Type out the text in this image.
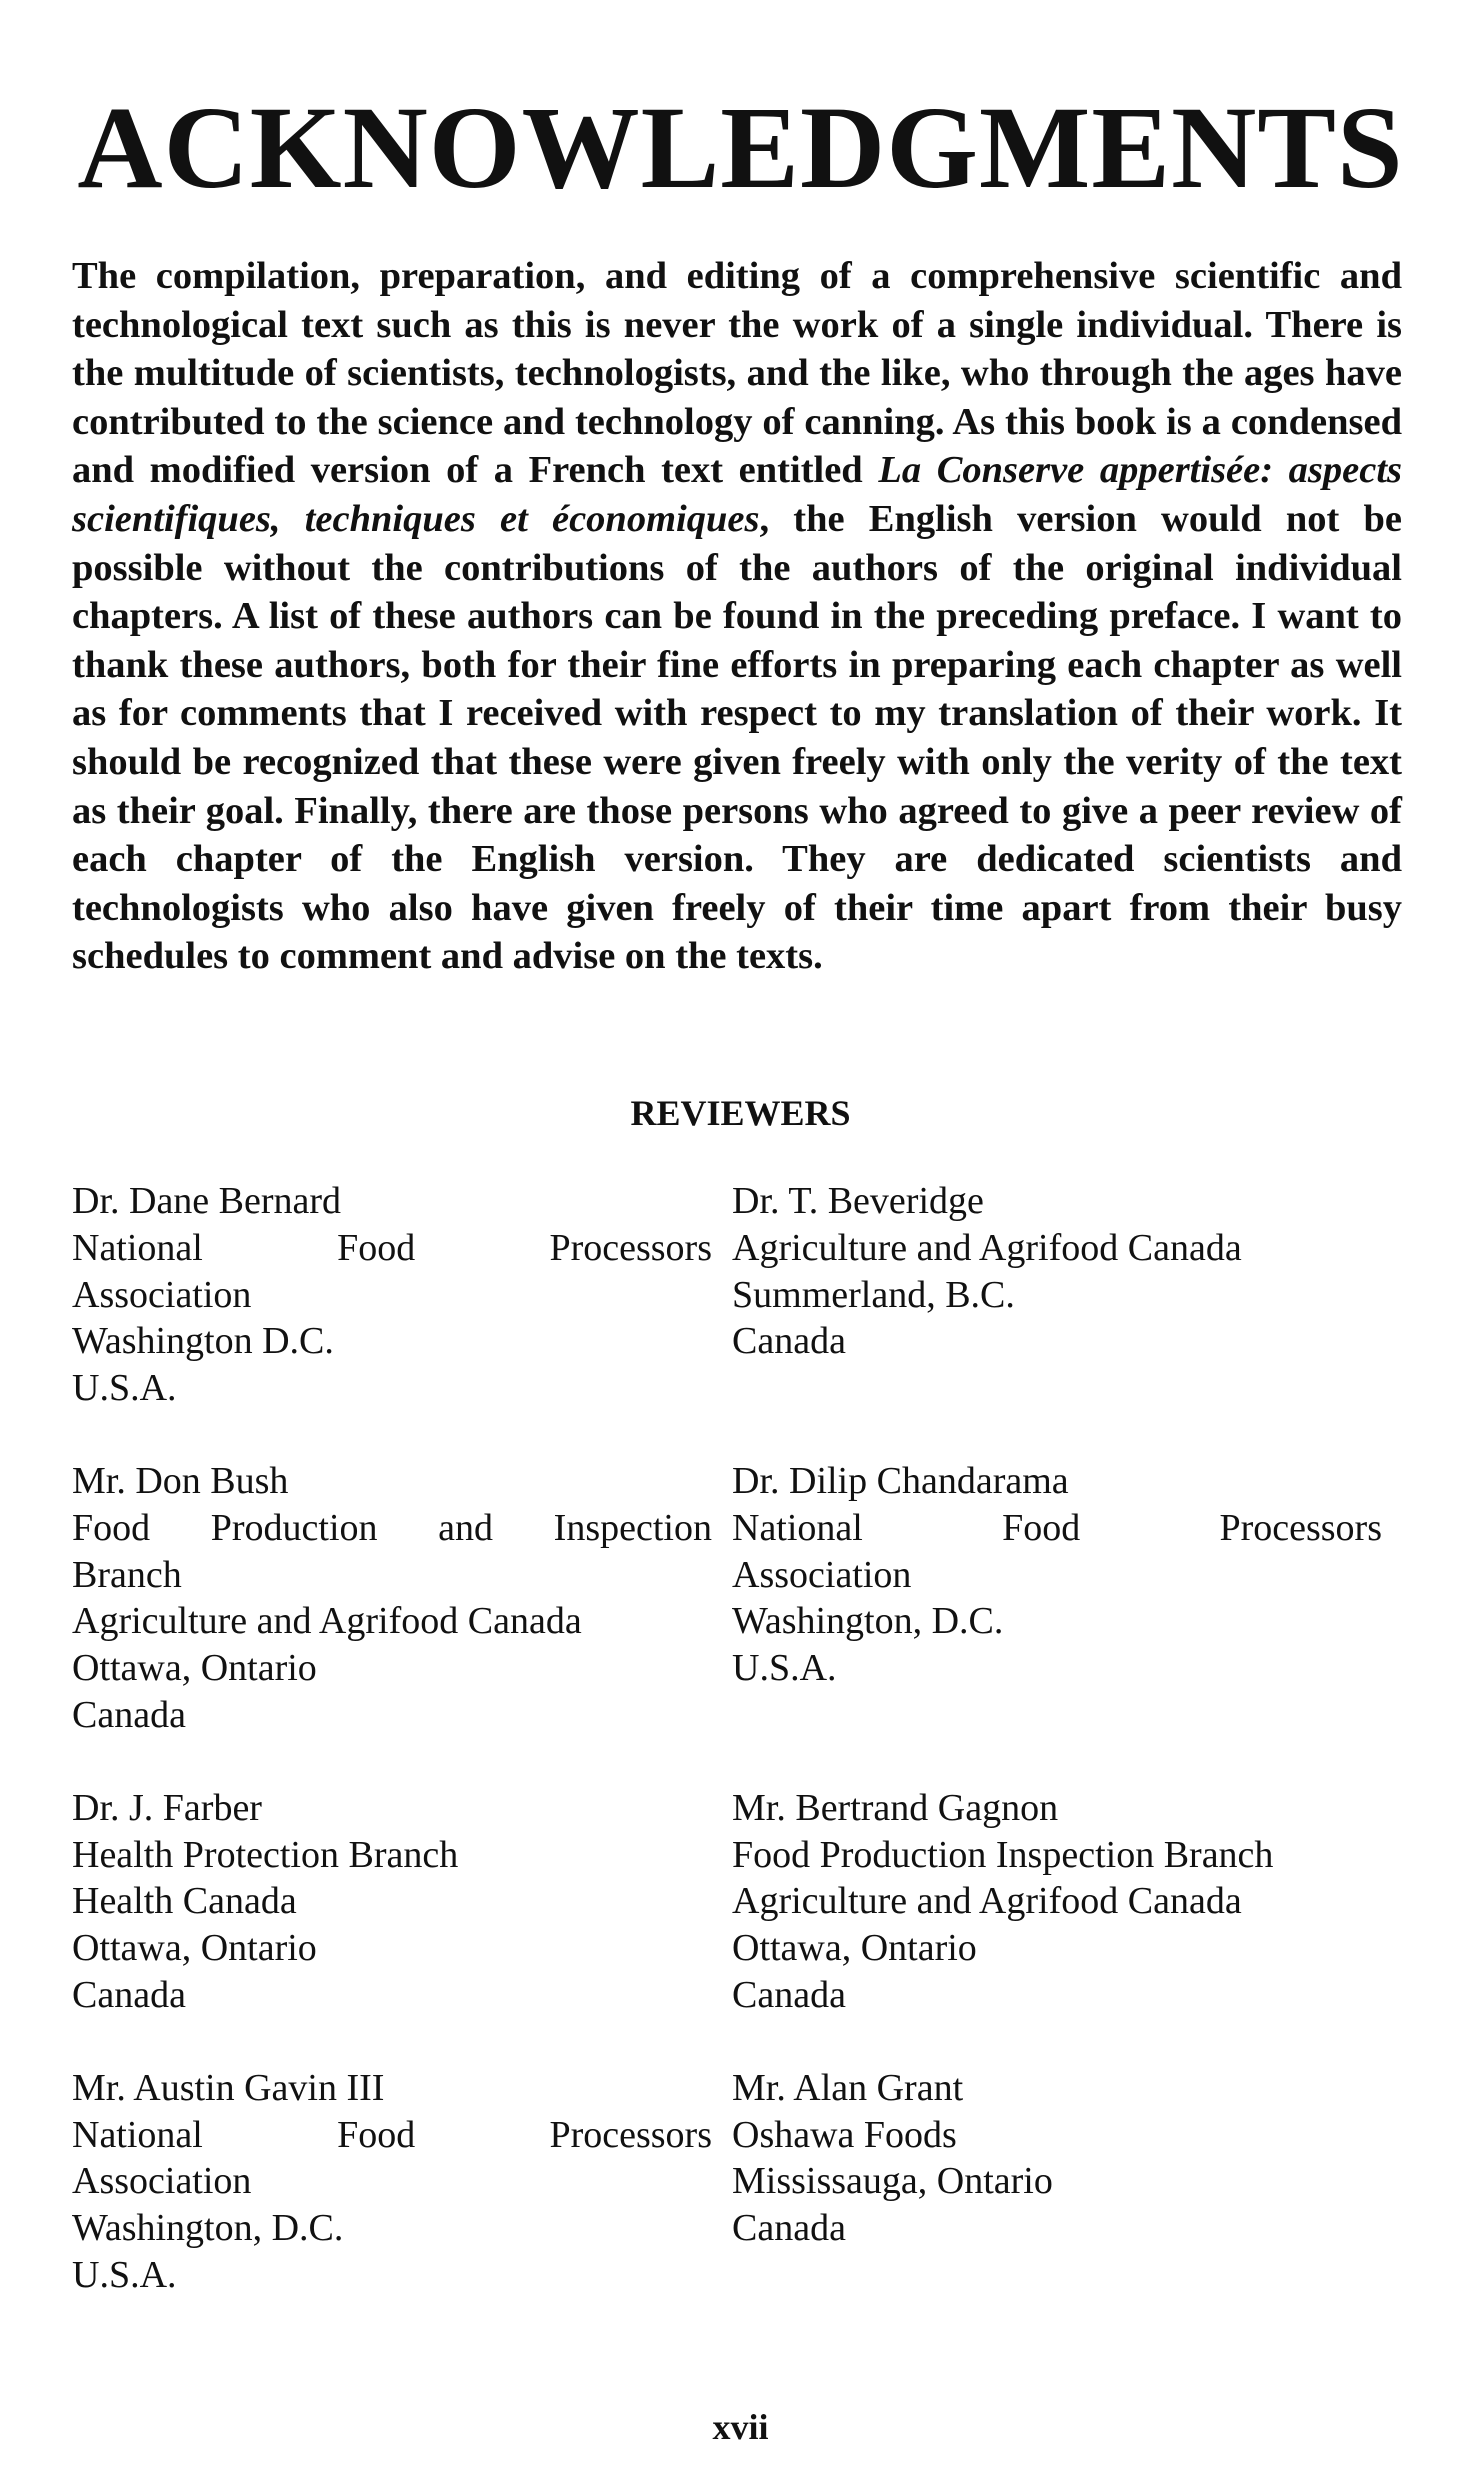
ACKNOWLEDGMENTS

The compilation, preparation, and editing of a comprehensive scientific and technological text such as this is never the work of a single individual. There is the multitude of scientists, technologists, and the like, who through the ages have contributed to the science and technology of canning. As this book is a condensed and modified version of a French text entitled La Conserve appertisée: aspects scientifiques, techniques et économiques, the English version would not be possible without the contributions of the authors of the original individual chapters. A list of these authors can be found in the preceding preface. I want to thank these authors, both for their fine efforts in preparing each chapter as well as for comments that I received with respect to my translation of their work. It should be recognized that these were given freely with only the verity of the text as their goal. Finally, there are those persons who agreed to give a peer review of each chapter of the English version. They are dedicated scientists and technologists who also have given freely of their time apart from their busy schedules to comment and advise on the texts.

REVIEWERS
Dr. Dane Bernard
National	Food	Processors
Association
Washington D.C.
U.S.A.
Dr. T. Beveridge
Agriculture and Agrifood Canada
Summerland, B.C.
Canada
Mr. Don Bush
Food Production and Inspection
Branch
Agriculture and Agrifood Canada
Ottawa, Ontario
Canada
Dr. Dilip Chandarama
National	Food	Processors
Association
Washington, D.C.
U.S.A.
Dr. J. Farber
Health Protection Branch
Health Canada
Ottawa, Ontario
Canada
Mr. Bertrand Gagnon
Food Production Inspection Branch
Agriculture and Agrifood Canada
Ottawa, Ontario
Canada
Mr. Austin Gavin III
National	Food	Processors
Association
Washington, D.C.
U.S.A.
Mr. Alan Grant
Oshawa Foods
Mississauga, Ontario
Canada
xvii
